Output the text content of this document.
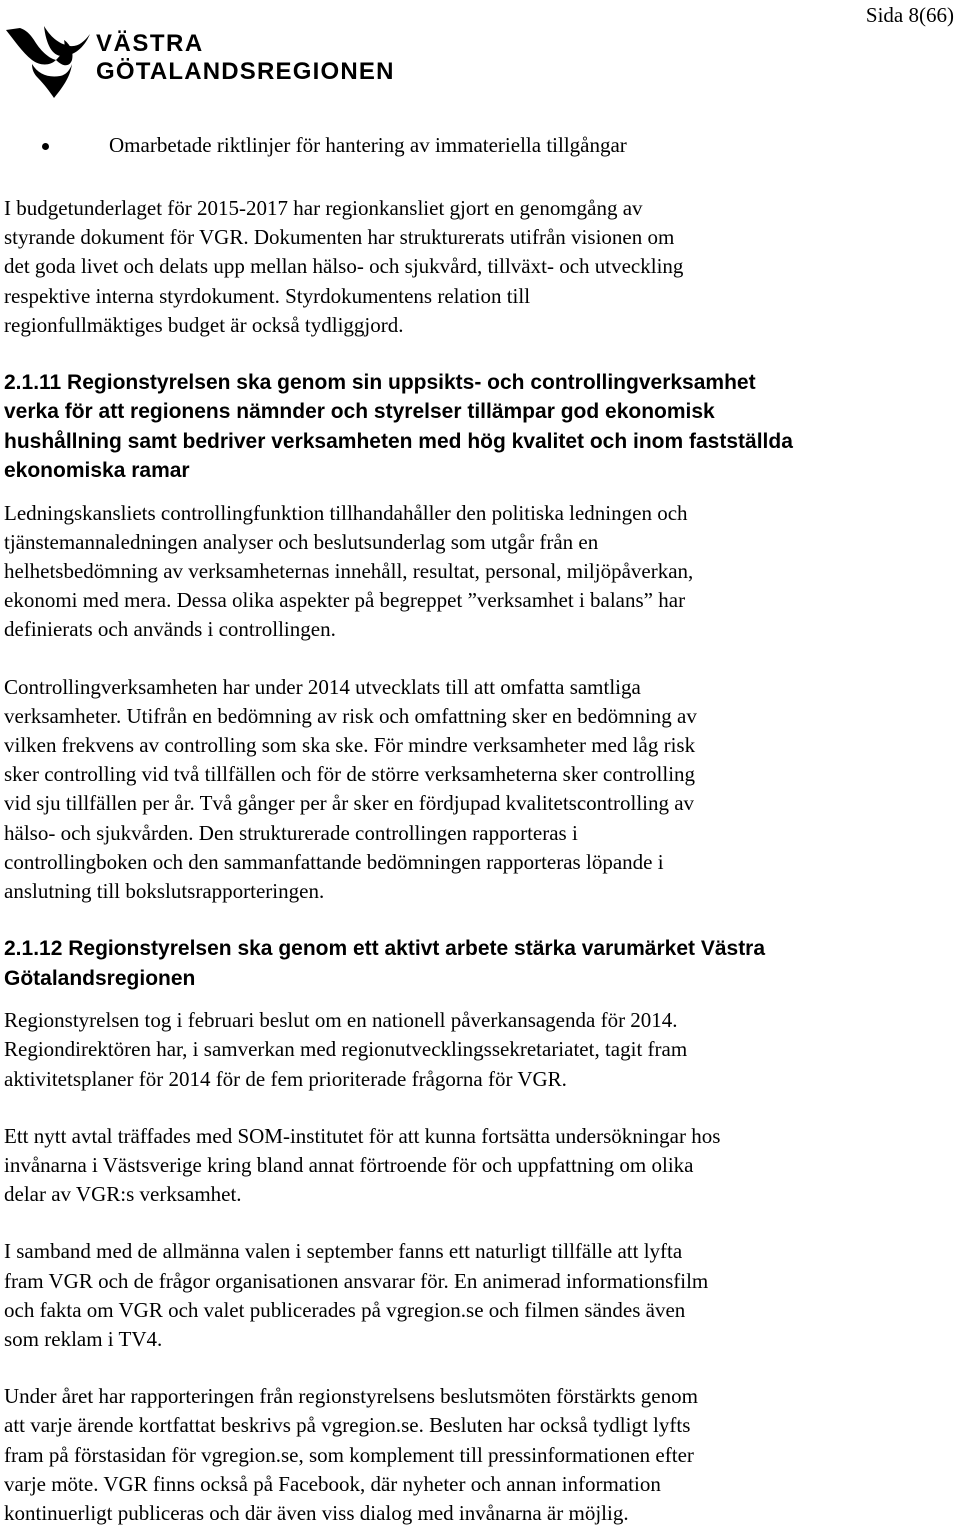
Sida 8(66)
VÄSTRA
GÖTALANDSREGIONEN
Omarbetade riktlinjer för hantering av immateriella tillgångar

I budgetunderlaget för 2015-2017 har regionkansliet gjort en genomgång av
styrande dokument för VGR. Dokumenten har strukturerats utifrån visionen om
det goda livet och delats upp mellan hälso- och sjukvård, tillväxt- och utveckling
respektive interna styrdokument. Styrdokumentens relation till
regionfullmäktiges budget är också tydliggjord.

2.1.11 Regionstyrelsen ska genom sin uppsikts- och controllingverksamhet
verka för att regionens nämnder och styrelser tillämpar god ekonomisk
hushållning samt bedriver verksamheten med hög kvalitet och inom fastställda
ekonomiska ramar

Ledningskansliets controllingfunktion tillhandahåller den politiska ledningen och
tjänstemannaledningen analyser och beslutsunderlag som utgår från en
helhetsbedömning av verksamheternas innehåll, resultat, personal, miljöpåverkan,
ekonomi med mera. Dessa olika aspekter på begreppet ”verksamhet i balans” har
definierats och används i controllingen.

Controllingverksamheten har under 2014 utvecklats till att omfatta samtliga
verksamheter. Utifrån en bedömning av risk och omfattning sker en bedömning av
vilken frekvens av controlling som ska ske. För mindre verksamheter med låg risk
sker controlling vid två tillfällen och för de större verksamheterna sker controlling
vid sju tillfällen per år. Två gånger per år sker en fördjupad kvalitetscontrolling av
hälso- och sjukvården. Den strukturerade controllingen rapporteras i
controllingboken och den sammanfattande bedömningen rapporteras löpande i
anslutning till bokslutsrapporteringen.

2.1.12 Regionstyrelsen ska genom ett aktivt arbete stärka varumärket Västra
Götalandsregionen

Regionstyrelsen tog i februari beslut om en nationell påverkansagenda för 2014.
Regiondirektören har, i samverkan med regionutvecklingssekretariatet, tagit fram
aktivitetsplaner för 2014 för de fem prioriterade frågorna för VGR.

Ett nytt avtal träffades med SOM-institutet för att kunna fortsätta undersökningar hos
invånarna i Västsverige kring bland annat förtroende för och uppfattning om olika
delar av VGR:s verksamhet.

I samband med de allmänna valen i september fanns ett naturligt tillfälle att lyfta
fram VGR och de frågor organisationen ansvarar för. En animerad informationsfilm
och fakta om VGR och valet publicerades på vgregion.se och filmen sändes även
som reklam i TV4.

Under året har rapporteringen från regionstyrelsens beslutsmöten förstärkts genom
att varje ärende kortfattat beskrivs på vgregion.se. Besluten har också tydligt lyfts
fram på förstasidan för vgregion.se, som komplement till pressinformationen efter
varje möte. VGR finns också på Facebook, där nyheter och annan information
kontinuerligt publiceras och där även viss dialog med invånarna är möjlig.
